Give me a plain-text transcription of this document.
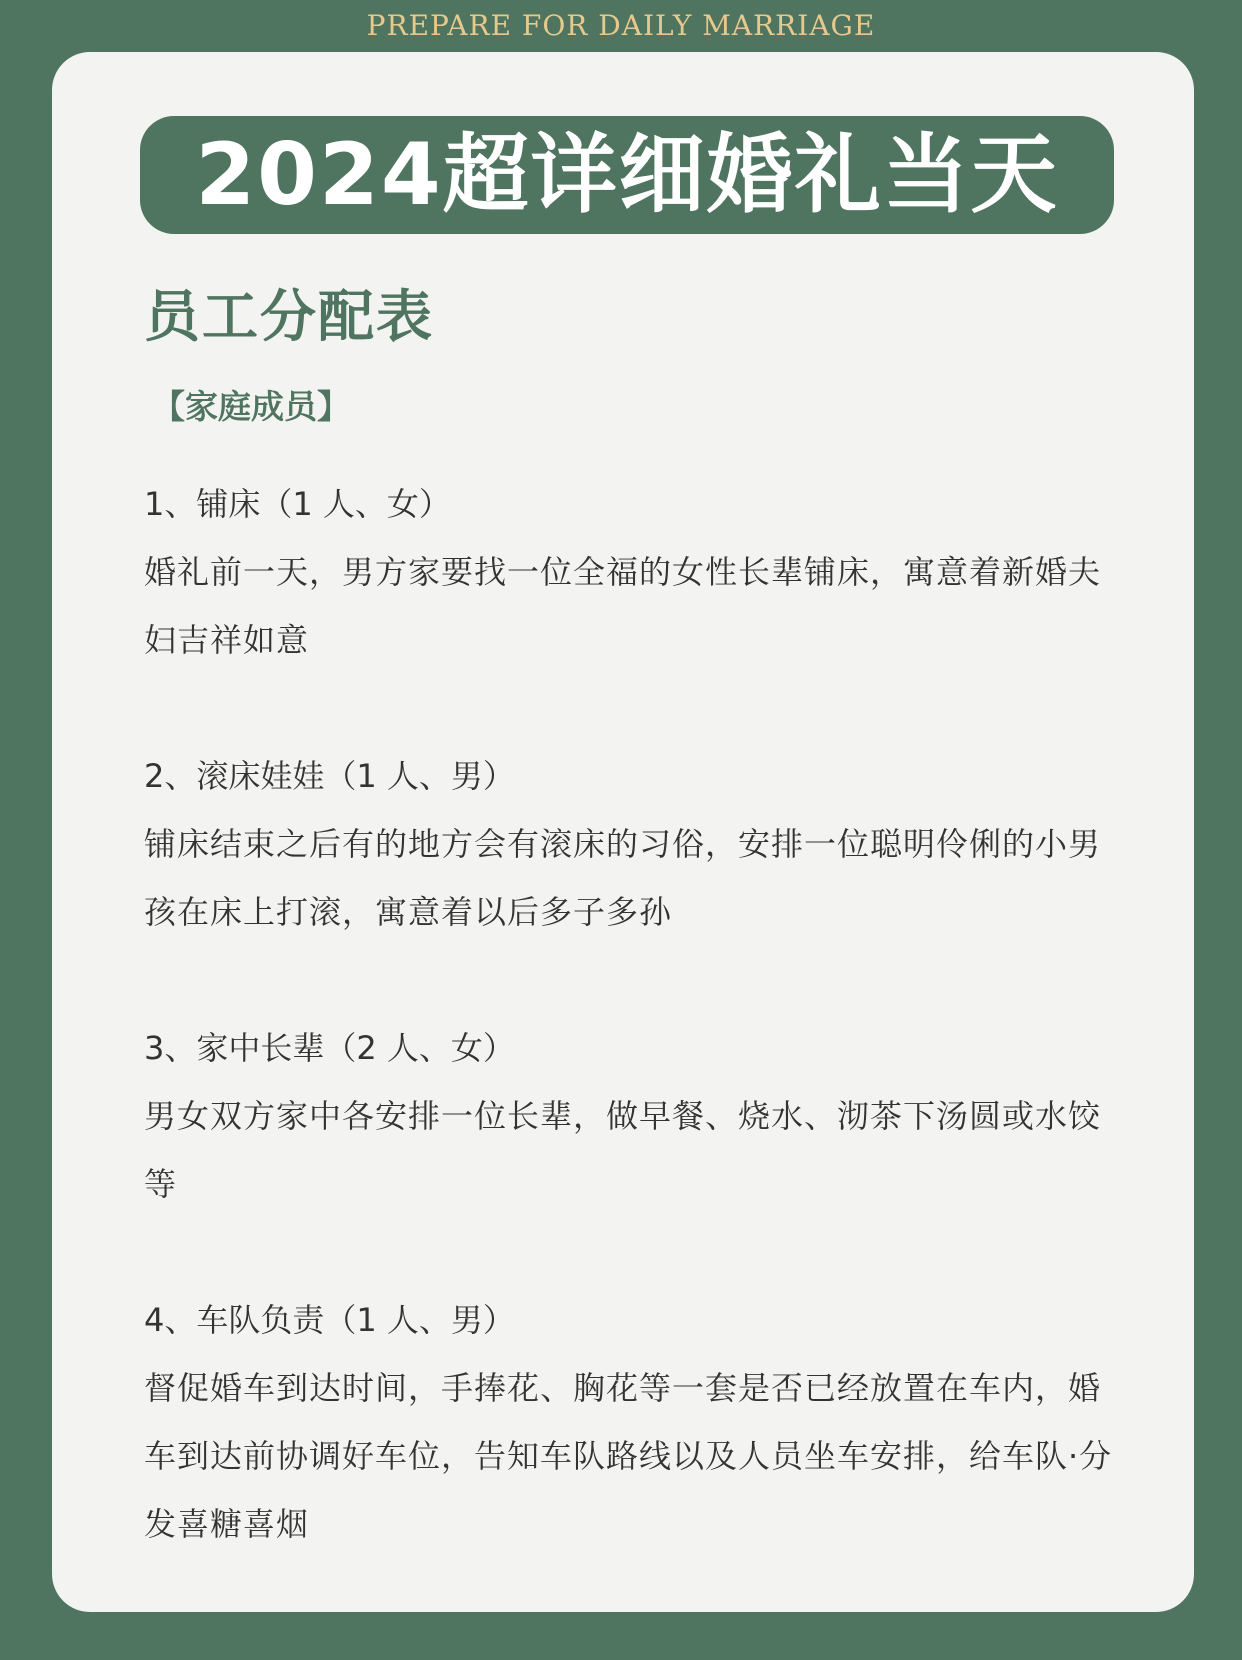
PREPARE FOR DAILY MARRIAGE
2024超详细婚礼当天
员工分配表
【家庭成员】
1、铺床（1 人、女）
婚礼前一天，男方家要找一位全福的女性长辈铺床，寓意着新婚夫妇吉祥如意
2、滚床娃娃（1 人、男）
铺床结束之后有的地方会有滚床的习俗，安排一位聪明伶俐的小男孩在床上打滚，寓意着以后多子多孙
3、家中长辈（2 人、女）
男女双方家中各安排一位长辈，做早餐、烧水、沏茶下汤圆或水饺等
4、车队负责（1 人、男）
督促婚车到达时间，手捧花、胸花等一套是否已经放置在车内，婚车到达前协调好车位，告知车队路线以及人员坐车安排，给车队·分发喜糖喜烟
